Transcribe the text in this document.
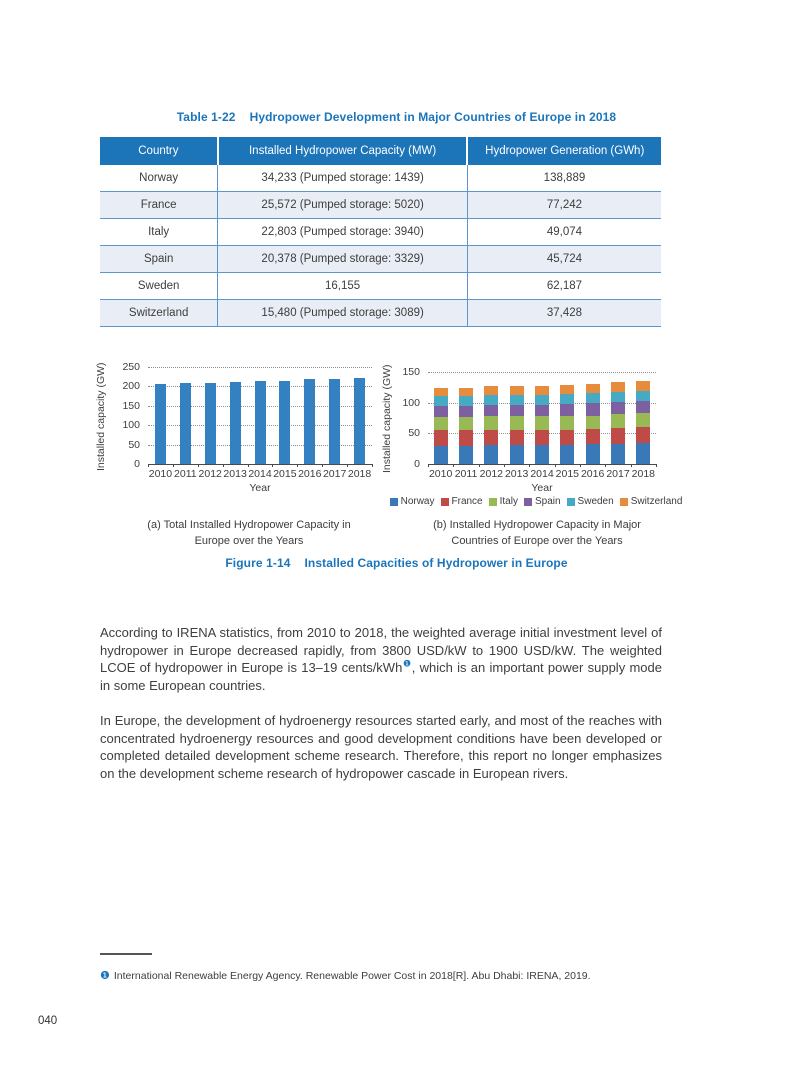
Table 1-22 Hydropower Development in Major Countries of Europe in 2018
Country	Installed Hydropower Capacity (MW)	Hydropower Generation (GWh)
Norway	34,233 (Pumped storage: 1439)	138,889
France	25,572 (Pumped storage: 5020)	77,242
Italy	22,803 (Pumped storage: 3940)	49,074
Spain	20,378 (Pumped storage: 3329)	45,724
Sweden	16,155	62,187
Switzerland	15,480 (Pumped storage: 3089)	37,428
0
50
100
150
200
250
2010 2011 2012 2013 2014 2015 2016 2017 2018
Installed capacity (GW)
Year
0
50
100
150
2010 2011 2012 2013 2014 2015 2016 2017 2018
Installed capacity (GW)
Year
Norway France Italy Spain Sweden Switzerland
(a) Total Installed Hydropower Capacity in
Europe over the Years
(b) Installed Hydropower Capacity in Major
Countries of Europe over the Years
Figure 1-14 Installed Capacities of Hydropower in Europe

According to IRENA statistics, from 2010 to 2018, the weighted average initial investment level of hydropower in Europe decreased rapidly, from 3800 USD/kW to 1900 USD/kW. The weighted LCOE of hydropower in Europe is 13–19 cents/kWh$^❶$, which is an important power supply mode in some European countries.

In Europe, the development of hydroenergy resources started early, and most of the reaches with concentrated hydroenergy resources and good development conditions have been developed or completed detailed development scheme research. Therefore, this report no longer emphasizes on the development scheme research of hydropower cascade in European rivers.

❶ International Renewable Energy Agency. Renewable Power Cost in 2018[R]. Abu Dhabi: IRENA, 2019.
040
